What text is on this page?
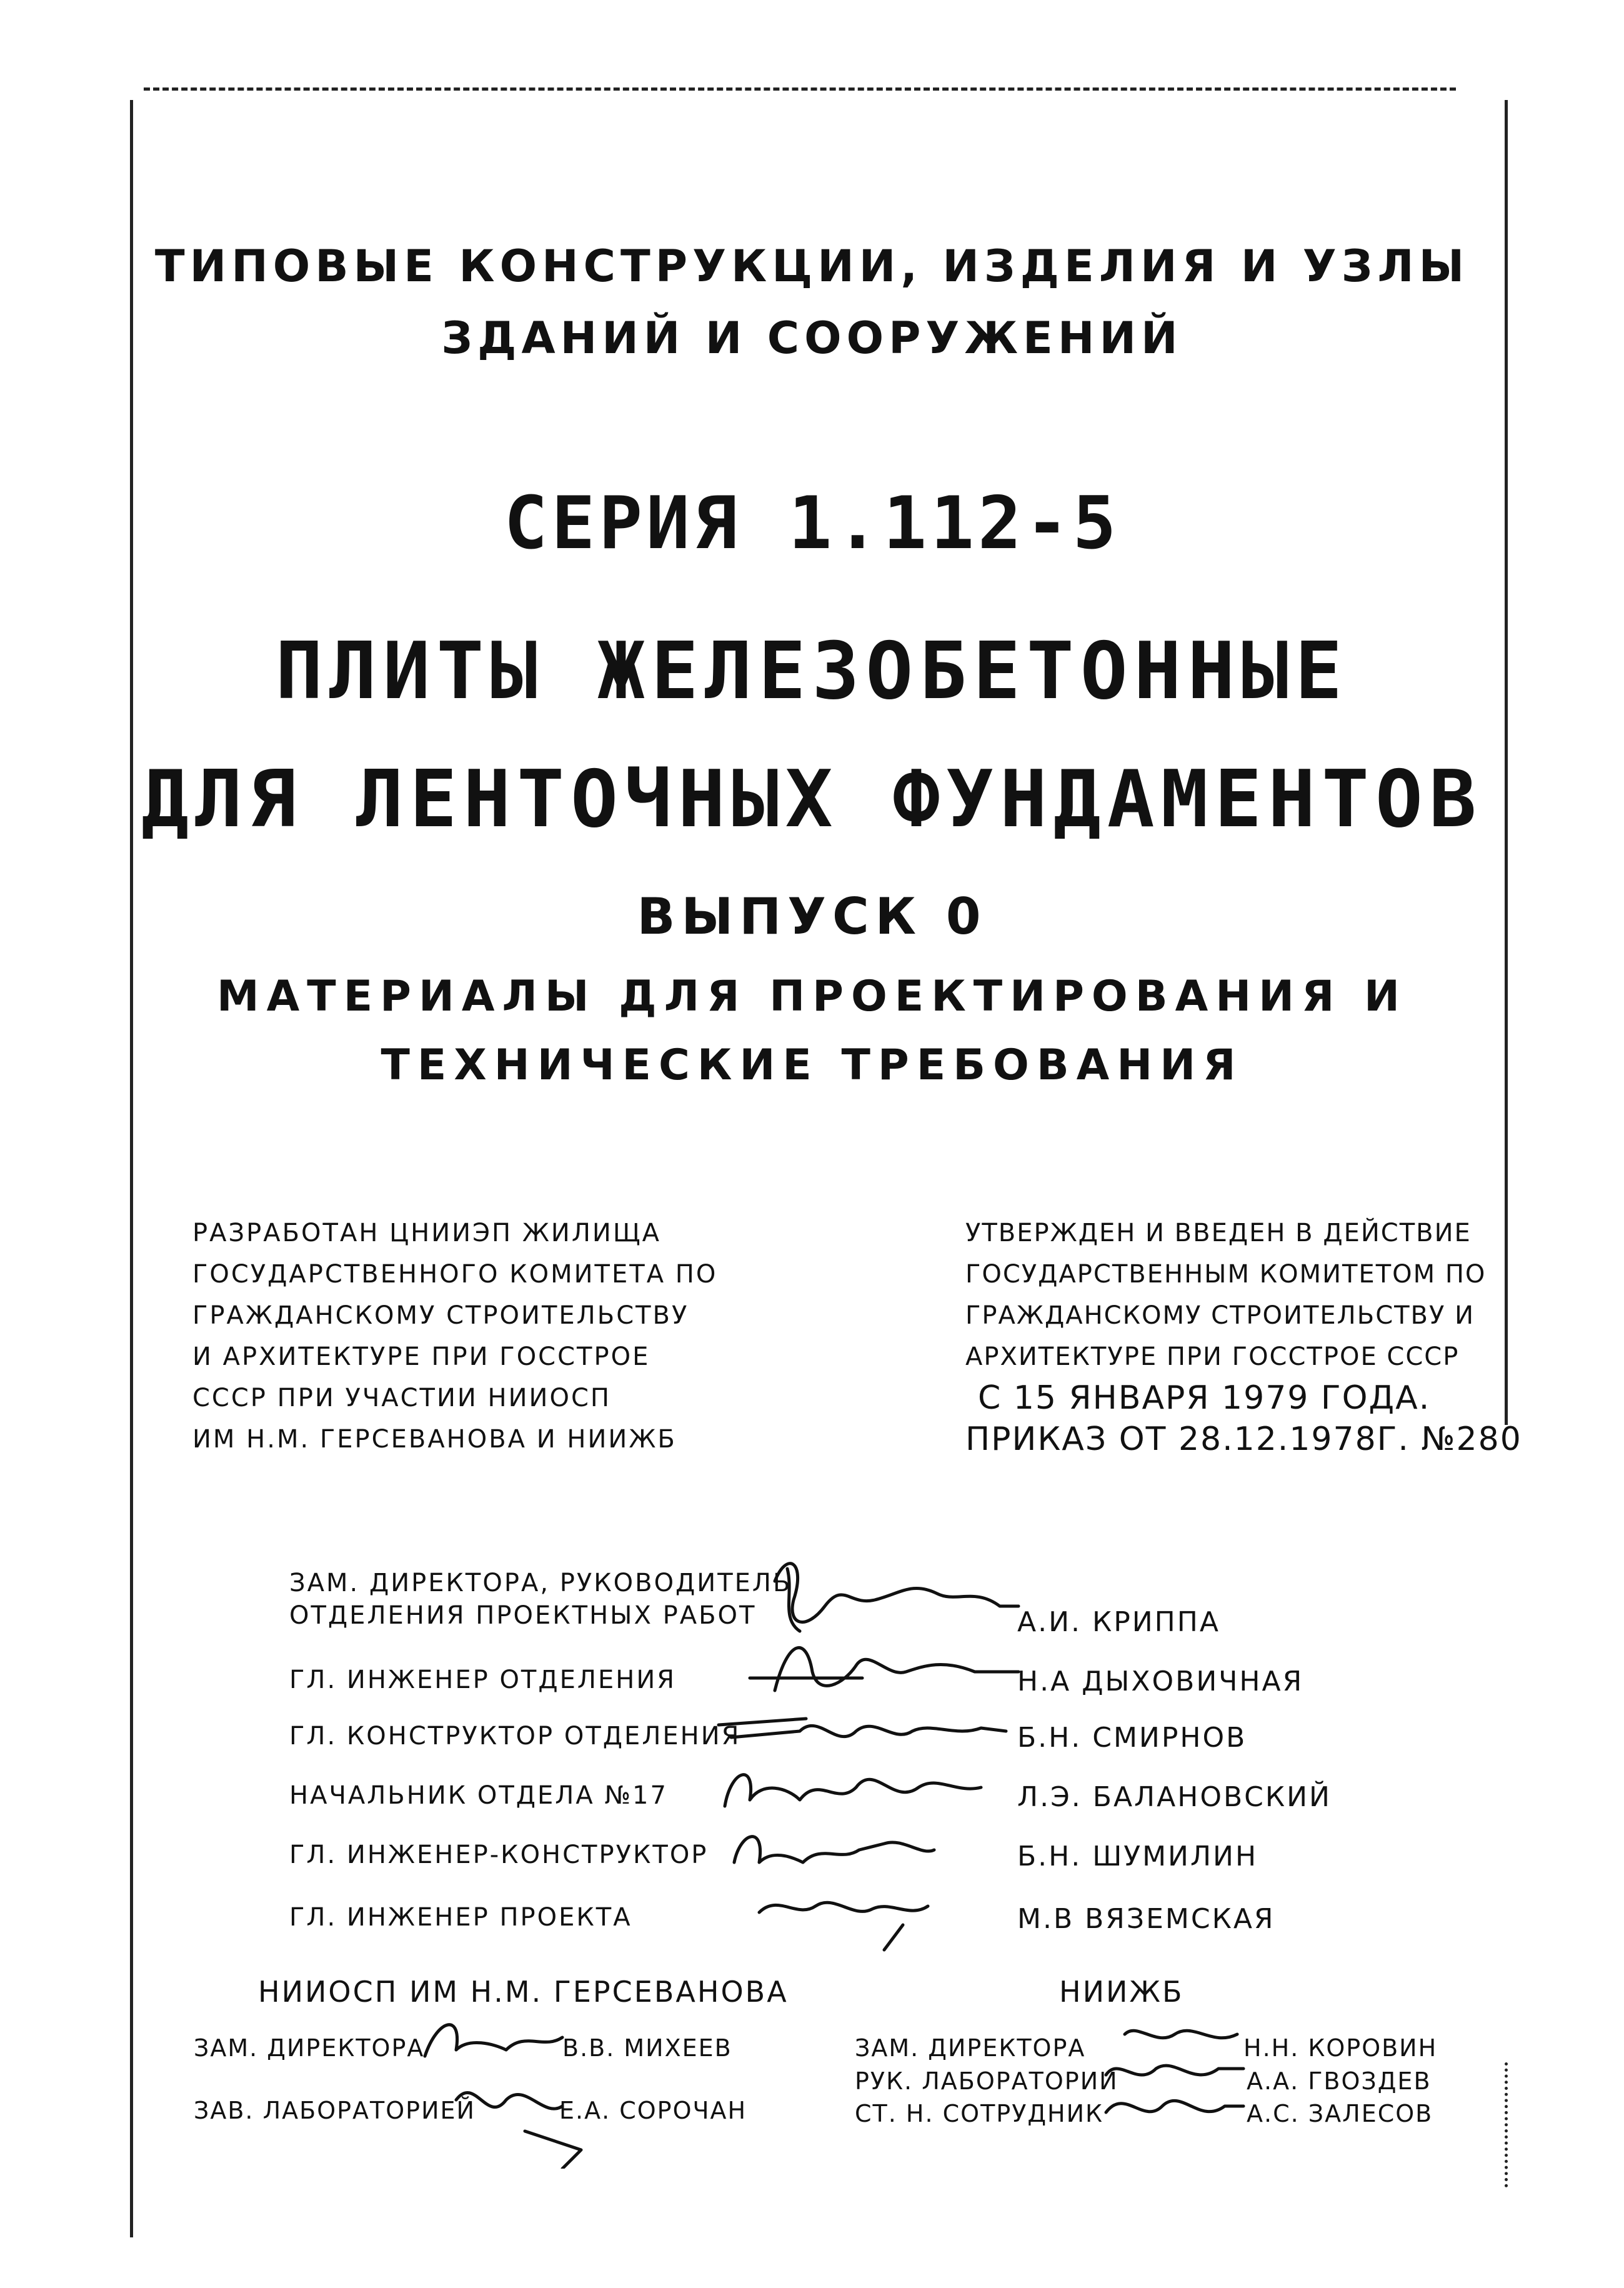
ТИПОВЫЕ КОНСТРУКЦИИ, ИЗДЕЛИЯ И УЗЛЫ
ЗДАНИЙ И СООРУЖЕНИЙ
СЕРИЯ 1.112-5
ПЛИТЫ ЖЕЛЕЗОБЕТОННЫЕ
ДЛЯ ЛЕНТОЧНЫХ ФУНДАМЕНТОВ
ВЫПУСК 0
МАТЕРИАЛЫ ДЛЯ ПРОЕКТИРОВАНИЯ И
ТЕХНИЧЕСКИЕ ТРЕБОВАНИЯ
РАЗРАБОТАН ЦНИИЭП ЖИЛИЩА
ГОСУДАРСТВЕННОГО КОМИТЕТА ПО
ГРАЖДАНСКОМУ СТРОИТЕЛЬСТВУ
И АРХИТЕКТУРЕ ПРИ ГОССТРОЕ
СССР ПРИ УЧАСТИИ НИИОСП
ИМ Н.М. ГЕРСЕВАНОВА И НИИЖБ
УТВЕРЖДЕН И ВВЕДЕН В ДЕЙСТВИЕ
ГОСУДАРСТВЕННЫМ КОМИТЕТОМ ПО
ГРАЖДАНСКОМУ СТРОИТЕЛЬСТВУ И
АРХИТЕКТУРЕ ПРИ ГОССТРОЕ СССР
С 15 ЯНВАРЯ 1979 ГОДА.
ПРИКАЗ ОТ 28.12.1978Г. №280
ЗАМ. ДИРЕКТОРА, РУКОВОДИТЕЛЬ
ОТДЕЛЕНИЯ ПРОЕКТНЫХ РАБОТ	А.И. КРИППА
ГЛ. ИНЖЕНЕР ОТДЕЛЕНИЯ	Н.А ДЫХОВИЧНАЯ
ГЛ. КОНСТРУКТОР ОТДЕЛЕНИЯ	Б.Н. СМИРНОВ
НАЧАЛЬНИК ОТДЕЛА №17	Л.Э. БАЛАНОВСКИЙ
ГЛ. ИНЖЕНЕР-КОНСТРУКТОР	Б.Н. ШУМИЛИН
ГЛ. ИНЖЕНЕР ПРОЕКТА	М.В ВЯЗЕМСКАЯ
НИИОСП ИМ Н.М. ГЕРСЕВАНОВА
ЗАМ. ДИРЕКТОРА	В.В. МИХЕЕВ
ЗАВ. ЛАБОРАТОРИЕЙ	Е.А. СОРОЧАН
НИИЖБ
ЗАМ. ДИРЕКТОРА	Н.Н. КОРОВИН
РУК. ЛАБОРАТОРИИ	А.А. ГВОЗДЕВ
СТ. Н. СОТРУДНИК	А.С. ЗАЛЕСОВ
